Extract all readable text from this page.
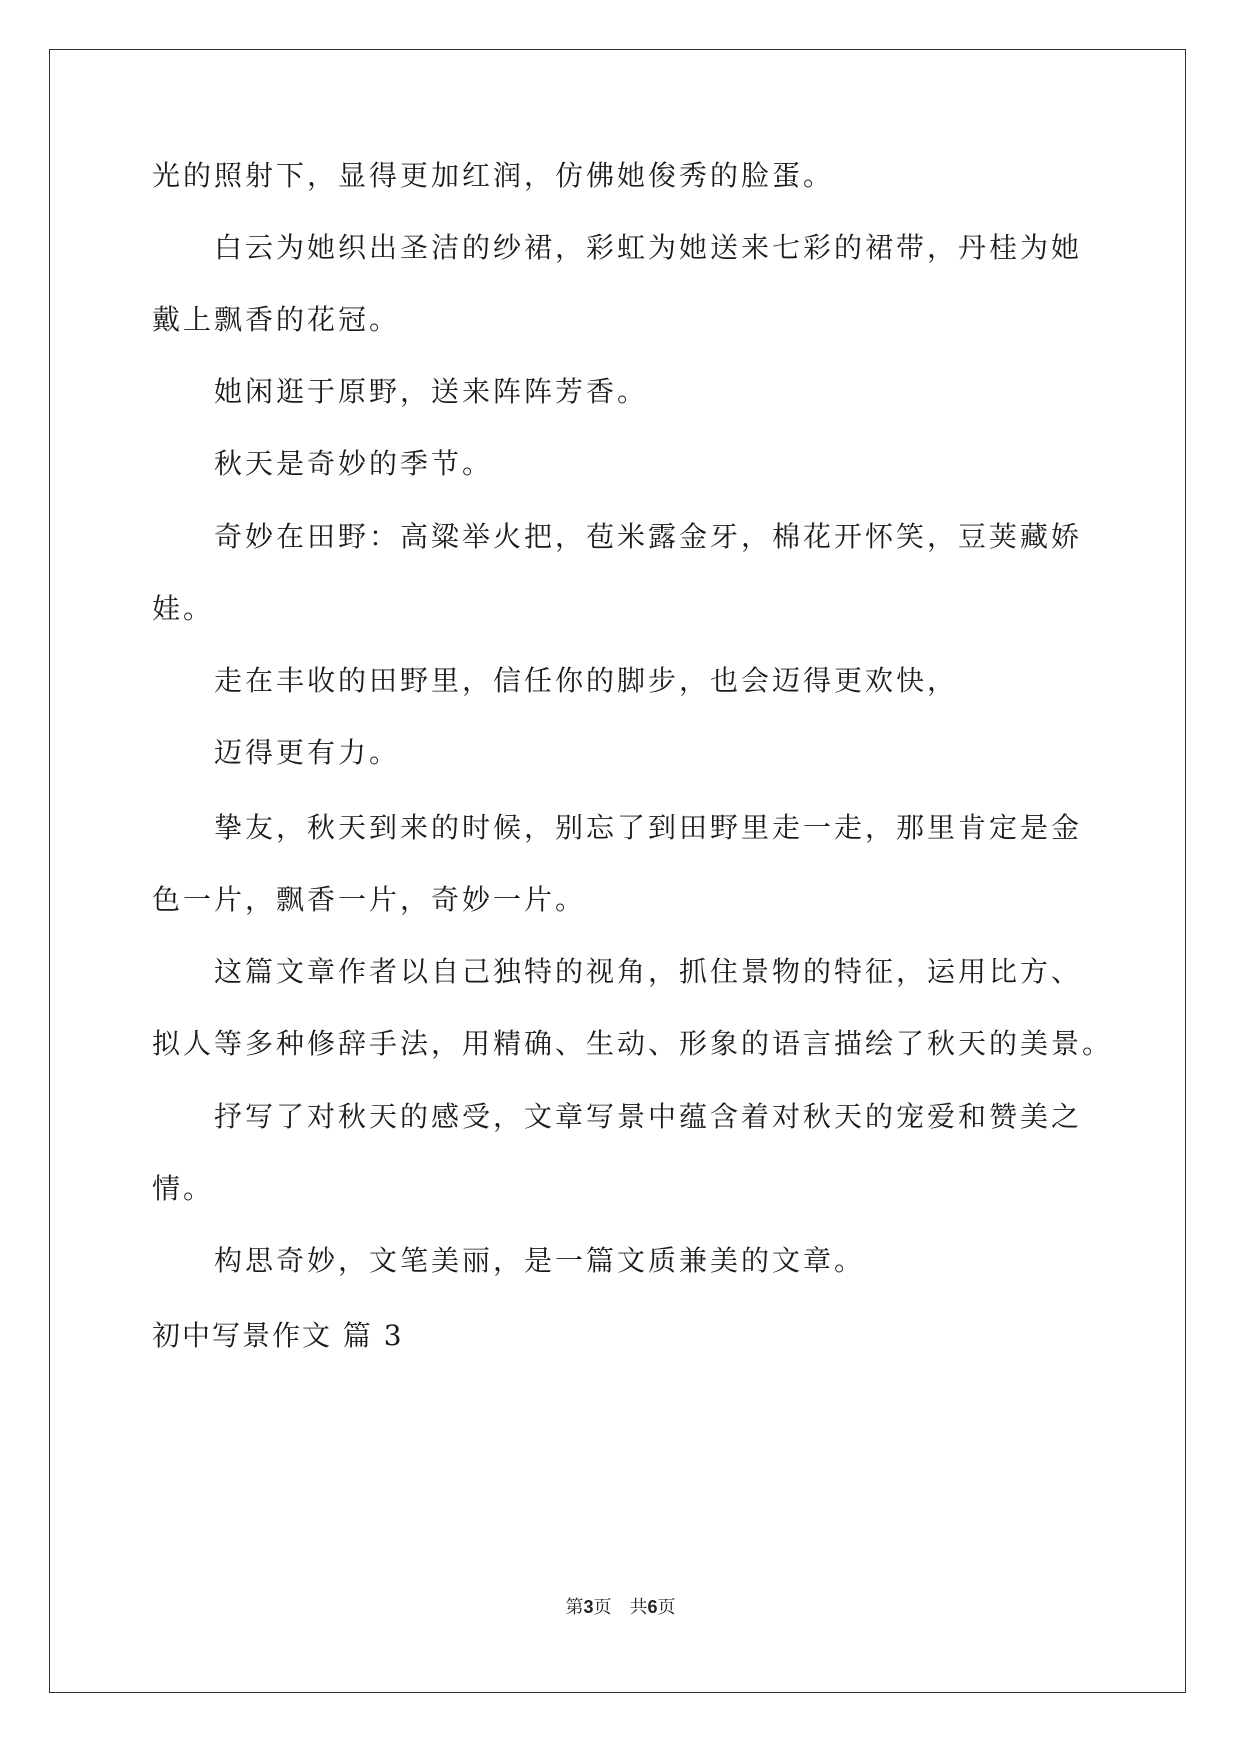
光的照射下，显得更加红润，仿佛她俊秀的脸蛋。
白云为她织出圣洁的纱裙，彩虹为她送来七彩的裙带，丹桂为她
戴上飘香的花冠。
她闲逛于原野，送来阵阵芳香。
秋天是奇妙的季节。
奇妙在田野：高粱举火把，苞米露金牙，棉花开怀笑，豆荚藏娇
娃。
走在丰收的田野里，信任你的脚步，也会迈得更欢快，
迈得更有力。
挚友，秋天到来的时候，别忘了到田野里走一走，那里肯定是金
色一片，飘香一片，奇妙一片。
这篇文章作者以自己独特的视角，抓住景物的特征，运用比方、
拟人等多种修辞手法，用精确、生动、形象的语言描绘了秋天的美景。
抒写了对秋天的感受，文章写景中蕴含着对秋天的宠爱和赞美之
情。
构思奇妙，文笔美丽，是一篇文质兼美的文章。
初中写景作文 篇 3
第3页    共6页
